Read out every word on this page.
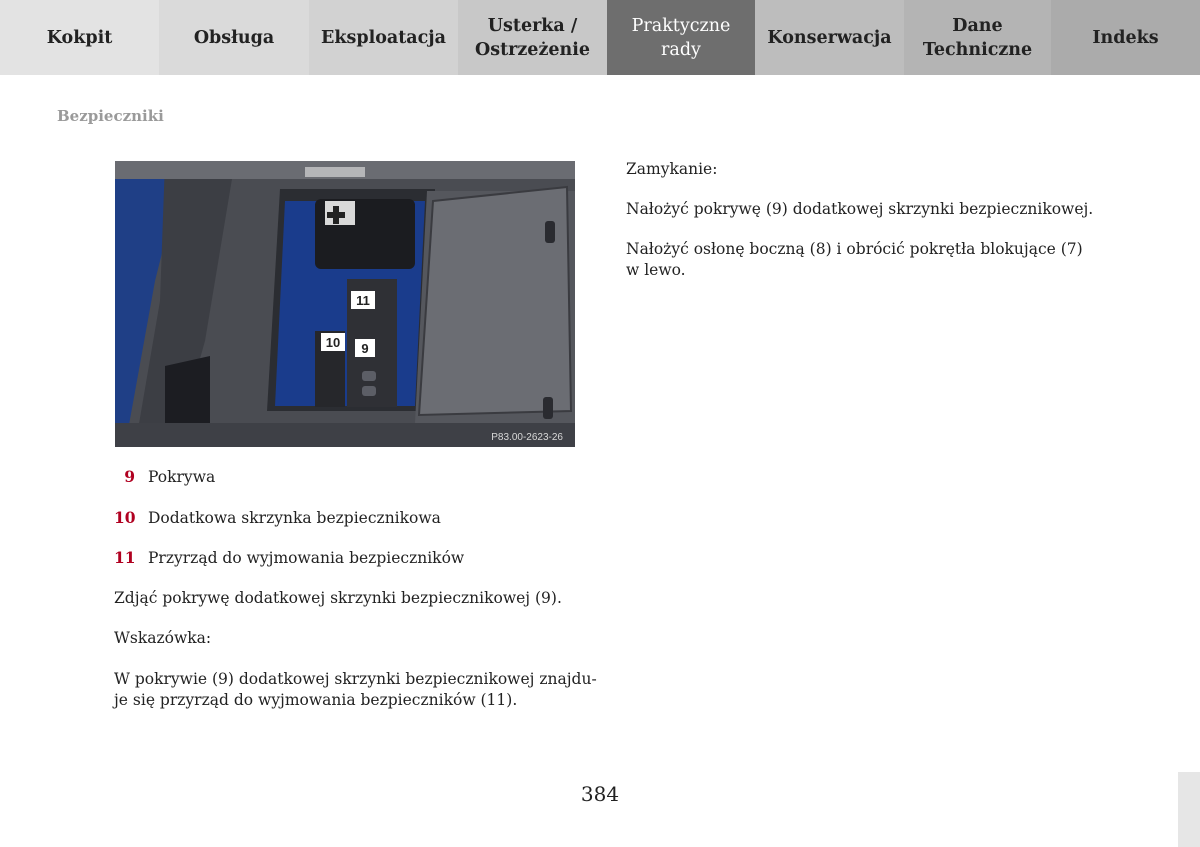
Kokpit	Obsługa	Eksploatacja
Usterka /
Ostrzeżenie
Praktyczne
rady
Konserwacja
Dane
Techniczne
Indeks
Bezpieczniki
11
10 9
P83.00-2623-26
9 Pokrywa
10 Dodatkowa skrzynka bezpiecznikowa
11 Przyrząd do wyjmowania bezpieczników
Zdjąć pokrywę dodatkowej skrzynki bezpiecznikowej (9).
Wskazówka:
W pokrywie (9) dodatkowej skrzynki bezpiecznikowej znajdu-
je się przyrząd do wyjmowania bezpieczników (11).
Zamykanie:
Nałożyć pokrywę (9) dodatkowej skrzynki bezpiecznikowej.
Nałożyć osłonę boczną (8) i obrócić pokrętła blokujące (7)
w lewo.
384
